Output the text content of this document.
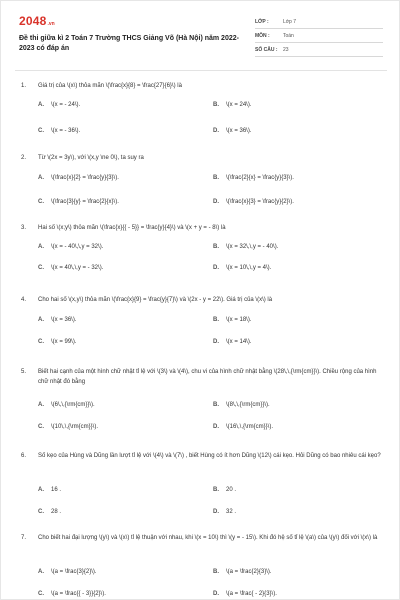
2048 .vn
Đề thi giữa kì 2 Toán 7 Trường THCS Giảng Võ (Hà Nội) năm 2022-2023 có đáp án
LỚP :	Lớp 7
MÔN :	Toán
SỐ CÂU :	23
1.	Giá trị của \(x\) thỏa mãn \(\frac{x}{8} = \frac{27}{6}\) là
A.	\(x = - 24\).	B.	\(x = 24\).
C.	\(x = - 36\).	D.	\(x = 36\).
2.	Từ \(2x = 3y\), với \(x,y \ne 0\), ta suy ra
A.	\(\frac{x}{2} = \frac{y}{3}\).	B.	\(\frac{2}{x} = \frac{y}{3}\).
C.	\(\frac{3}{y} = \frac{2}{x}\).	D.	\(\frac{x}{3} = \frac{y}{2}\).
3.	Hai số \(x;y\) thỏa mãn \(\frac{x}{{ - 5}} = \frac{y}{4}\) và \(x + y = - 8\) là
A.	\(x = - 40\,\,y = 32\).	B.	\(x = 32\,\,y = - 40\).
C.	\(x = 40\,\,y = - 32\).	D.	\(x = 10\,\,y = 4\).
4.	Cho hai số \(x,y\) thỏa mãn \(\frac{x}{9} = \frac{y}{7}\) và \(2x - y = 22\). Giá trị của \(x\) là
A.	\(x = 36\).	B.	\(x = 18\).
C.	\(x = 99\).	D.	\(x = 14\).
5.	Biết hai cạnh của một hình chữ nhật tỉ lệ với \(3\) và \(4\), chu vi của hình chữ nhật bằng \(28\,\,{\rm{cm}}\). Chiều rộng của hình chữ nhật đó bằng
A.	\(6\,\,{\rm{cm}}\).	B.	\(8\,\,{\rm{cm}}\).
C.	\(10\,\,{\rm{cm}}\).	D.	\(16\,\,{\rm{cm}}\).
6.	Số kẹo của Hùng và Dũng lần lượt tỉ lệ với \(4\) và \(7\) , biết Hùng có ít hơn Dũng \(12\) cái kẹo. Hỏi Dũng có bao nhiêu cái kẹo?
A.	16 .	B.	20 .
C.	28 .	D.	32 .
7.	Cho biết hai đại lượng \(y\) và \(x\) tỉ lệ thuận với nhau, khi \(x = 10\) thì \(y = - 15\). Khi đó hệ số tỉ lệ \(a\) của \(y\) đối với \(x\) là
A.	\(a = \frac{3}{2}\).	B.	\(a = \frac{2}{3}\).
C.	\(a = \frac{{ - 3}}{2}\).	D.	\(a = \frac{ - 2}{3}\).
